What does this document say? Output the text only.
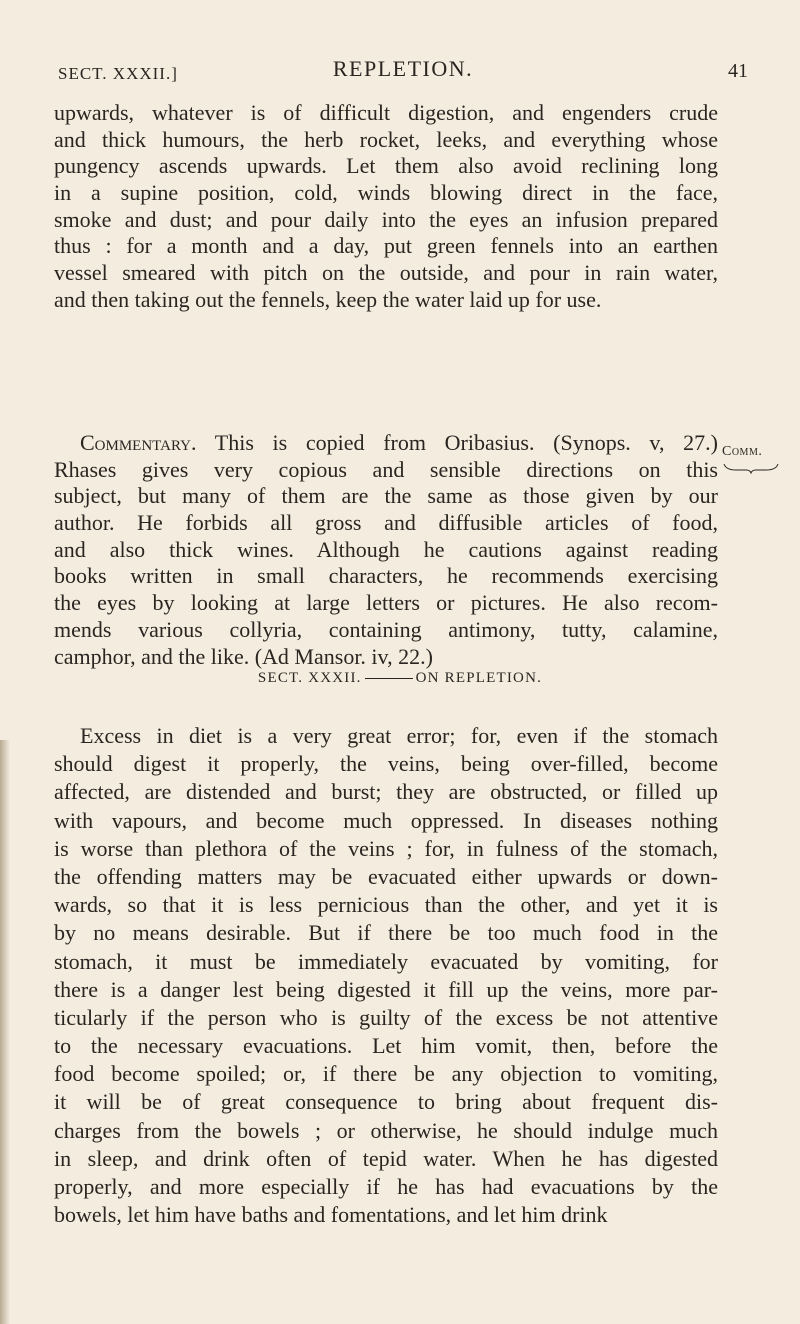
SECT. XXXII.]	REPLETION.	41
upwards, whatever is of difficult digestion, and engenders crude
and thick humours, the herb rocket, leeks, and everything whose
pungency ascends upwards. Let them also avoid reclining long
in a supine position, cold, winds blowing direct in the face,
smoke and dust; and pour daily into the eyes an infusion prepared
thus : for a month and a day, put green fennels into an earthen
vessel smeared with pitch on the outside, and pour in rain water,
and then taking out the fennels, keep the water laid up for use.
Comm.
Commentary. This is copied from Oribasius. (Synops. v, 27.)
Rhases gives very copious and sensible directions on this
subject, but many of them are the same as those given by our
author. He forbids all gross and diffusible articles of food,
and also thick wines. Although he cautions against reading
books written in small characters, he recommends exercising
the eyes by looking at large letters or pictures. He also recom-
mends various collyria, containing antimony, tutty, calamine,
camphor, and the like. (Ad Mansor. iv, 22.)
SECT. XXXII.	ON REPLETION.
Excess in diet is a very great error; for, even if the stomach
should digest it properly, the veins, being over-filled, become
affected, are distended and burst; they are obstructed, or filled up
with vapours, and become much oppressed. In diseases nothing
is worse than plethora of the veins ; for, in fulness of the stomach,
the offending matters may be evacuated either upwards or down-
wards, so that it is less pernicious than the other, and yet it is
by no means desirable. But if there be too much food in the
stomach, it must be immediately evacuated by vomiting, for
there is a danger lest being digested it fill up the veins, more par-
ticularly if the person who is guilty of the excess be not attentive
to the necessary evacuations. Let him vomit, then, before the
food become spoiled; or, if there be any objection to vomiting,
it will be of great consequence to bring about frequent dis-
charges from the bowels ; or otherwise, he should indulge much
in sleep, and drink often of tepid water. When he has digested
properly, and more especially if he has had evacuations by the
bowels, let him have baths and fomentations, and let him drink
